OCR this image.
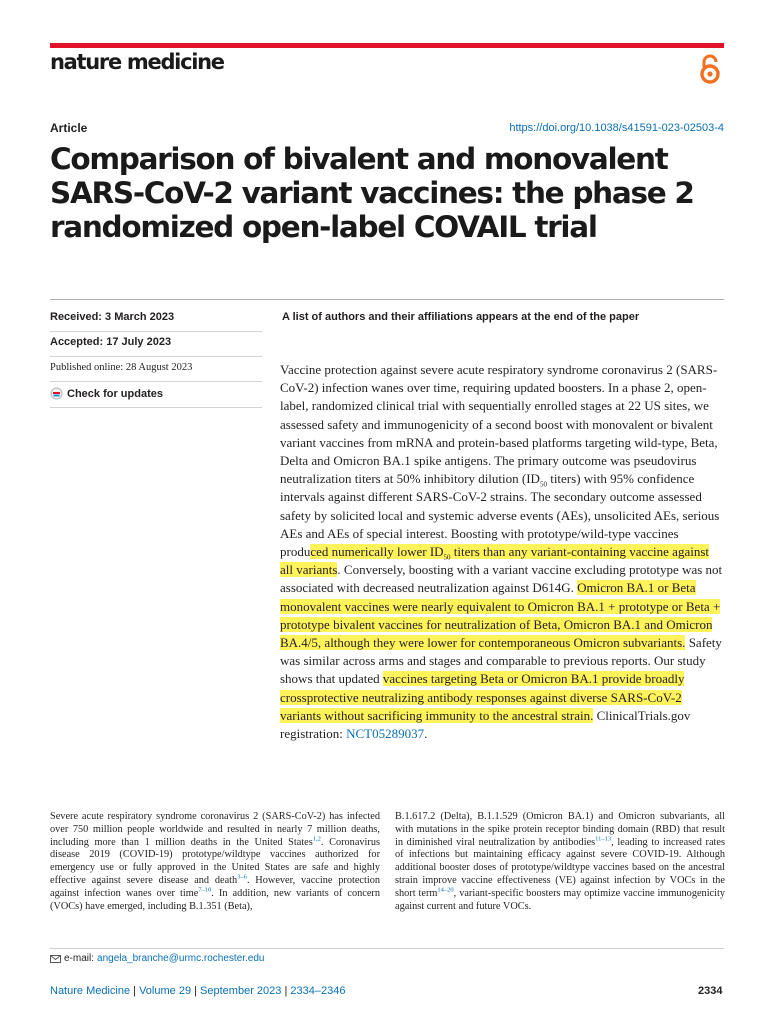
nature medicine
Article	https://doi.org/10.1038/s41591-023-02503-4
Comparison of bivalent and monovalent SARS-CoV-2 variant vaccines: the phase 2 randomized open-label COVAIL trial
Received: 3 March 2023
Accepted: 17 July 2023
Published online: 28 August 2023
Check for updates
A list of authors and their affiliations appears at the end of the paper

Vaccine protection against severe acute respiratory syndrome coronavirus 2 (SARS-CoV-2) infection wanes over time, requiring updated boosters. In a phase 2, open-label, randomized clinical trial with sequentially enrolled stages at 22 US sites, we assessed safety and immunogenicity of a second boost with monovalent or bivalent variant vaccines from mRNA and protein-based platforms targeting wild-type, Beta, Delta and Omicron BA.1 spike antigens. The primary outcome was pseudovirus neutralization titers at 50% inhibitory dilution ($ID_{50}$ titers) with 95% confidence intervals against different SARS-CoV-2 strains. The secondary outcome assessed safety by solicited local and systemic adverse events (AEs), unsolicited AEs, serious AEs and AEs of special interest. Boosting with prototype/wild-type vaccines produced numerically lower $ID_{50}$ titers than any variant-containing vaccine against all variants. Conversely, boosting with a variant vaccine excluding prototype was not associated with decreased neutralization against D614G. Omicron BA.1 or Beta monovalent vaccines were nearly equivalent to Omicron BA.1 + prototype or Beta + prototype bivalent vaccines for neutralization of Beta, Omicron BA.1 and Omicron BA.4/5, although they were lower for contemporaneous Omicron subvariants. Safety was similar across arms and stages and comparable to previous reports. Our study shows that updated vaccines targeting Beta or Omicron BA.1 provide broadly crossprotective neutralizing antibody responses against diverse SARS-CoV-2 variants without sacrificing immunity to the ancestral strain. ClinicalTrials.gov registration: NCT05289037.

Severe acute respiratory syndrome coronavirus 2 (SARS-CoV-2) has infected over 750 million people worldwide and resulted in nearly 7 million deaths, including more than 1 million deaths in the United States$^{1,2}$. Coronavirus disease 2019 (COVID-19) prototype/wildtype vaccines authorized for emergency use or fully approved in the United States are safe and highly effective against severe disease and death$^{3-6}$. However, vaccine protection against infection wanes over time$^{7-10}$. In addition, new variants of concern (VOCs) have emerged, including B.1.351 (Beta),

B.1.617.2 (Delta), B.1.1.529 (Omicron BA.1) and Omicron subvariants, all with mutations in the spike protein receptor binding domain (RBD) that result in diminished viral neutralization by antibodies$^{11-13}$, leading to increased rates of infections but maintaining efficacy against severe COVID-19. Although additional booster doses of prototype/wildtype vaccines based on the ancestral strain improve vaccine effectiveness (VE) against infection by VOCs in the short term$^{14-20}$, variant-specific boosters may optimize vaccine immunogenicity against current and future VOCs.

e-mail: angela_branche@urmc.rochester.edu
Nature Medicine | Volume 29 | September 2023 | 2334–2346	2334
